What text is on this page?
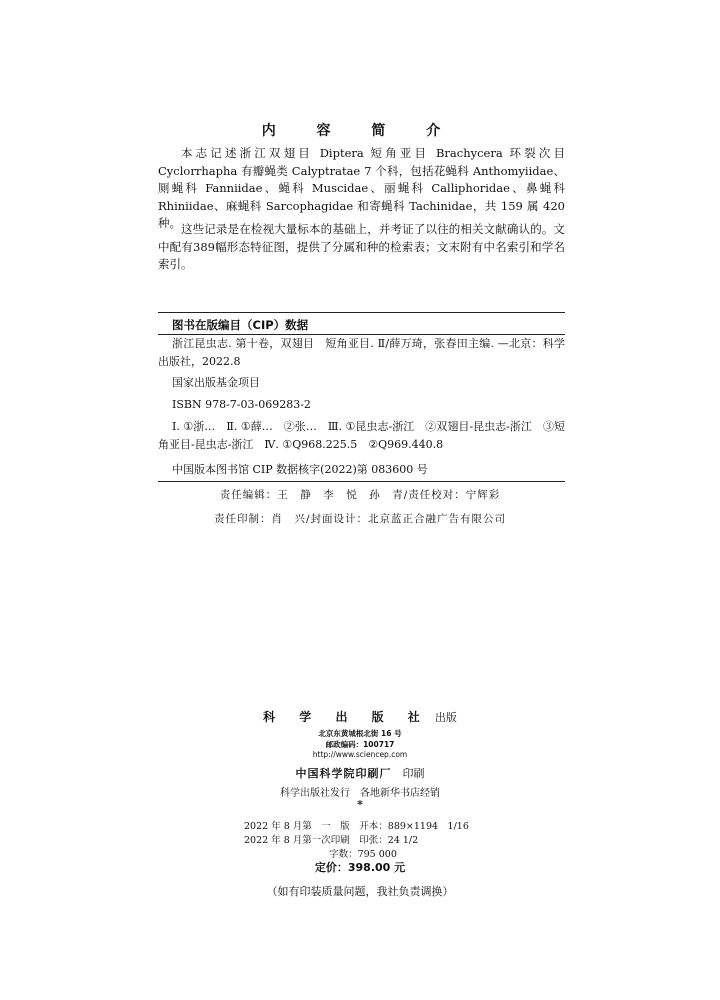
内 容 简 介
本志记述浙江双翅目 Diptera 短角亚目 Brachycera 环裂次目 Cyclorrhapha 有瓣蝇类 Calyptratae 7 个科，包括花蝇科 Anthomyiidae、厕蝇科 Fanniidae、蝇科 Muscidae、丽蝇科 Calliphoridae、鼻蝇科 Rhiniidae、麻蝇科 Sarcophagidae 和寄蝇科 Tachinidae，共 159 属 420 种。 这些记录是在检视大量标本的基础上，并考证了以往的相关文献确认的。文中配有389幅形态特征图，提供了分属和种的检索表；文末附有中名索引和学名索引。
图书在版编目（CIP）数据
浙江昆虫志. 第十卷，双翅目　短角亚目. Ⅱ/薛万琦，张春田主编. —北京：科学出版社，2022.8
国家出版基金项目
ISBN 978-7-03-069283-2
Ⅰ. ①浙…　Ⅱ. ①薛…　②张…　Ⅲ. ①昆虫志-浙江　②双翅目-昆虫志-浙江　③短角亚目-昆虫志-浙江　Ⅳ. ①Q968.225.5　②Q969.440.8
中国版本图书馆 CIP 数据核字(2022)第 083600 号
责任编辑：王　静　李　悦　孙　青/责任校对：宁辉彩
责任印制：肖　兴/封面设计：北京蓝正合融广告有限公司
科 学 出 版 社 出版
北京东黄城根北街 16 号
邮政编码：100717
http://www.sciencep.com
中国科学院印刷厂 印刷
科学出版社发行　各地新华书店经销
*
2022 年 8 月第　一　版　开本：889×1194　1/16
2022 年 8 月第一次印刷　印张：24 1/2
字数：795 000
定价：398.00 元
（如有印装质量问题，我社负责调换）
